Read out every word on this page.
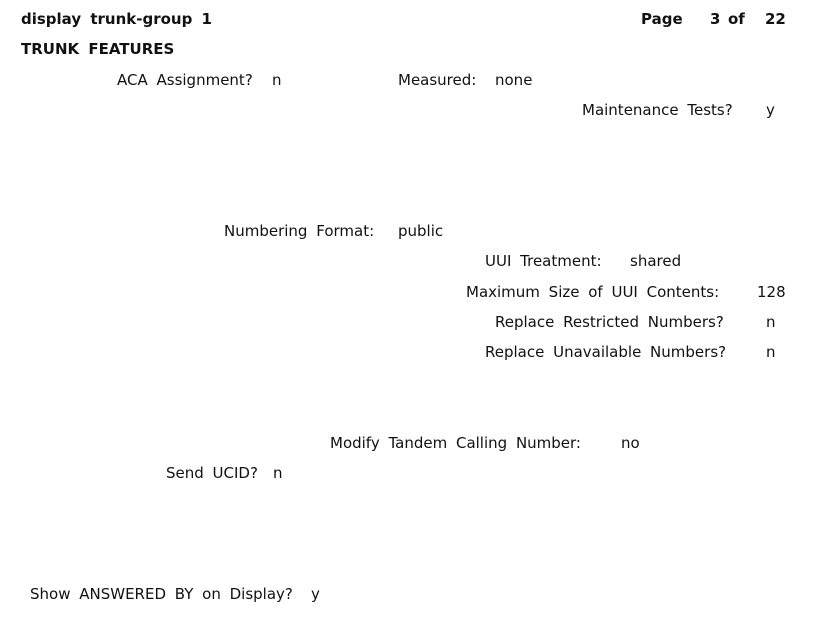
display trunk-group 1	Page 3 of 22
TRUNK FEATURES
ACA Assignment? n	Measured: none
Maintenance Tests? y
Numbering Format: public
UUI Treatment: shared
Maximum Size of UUI Contents:	128
Replace Restricted Numbers?	n
Replace Unavailable Numbers?	n
Modify Tandem Calling Number:	no
Send UCID? n
Show ANSWERED BY on Display? y
